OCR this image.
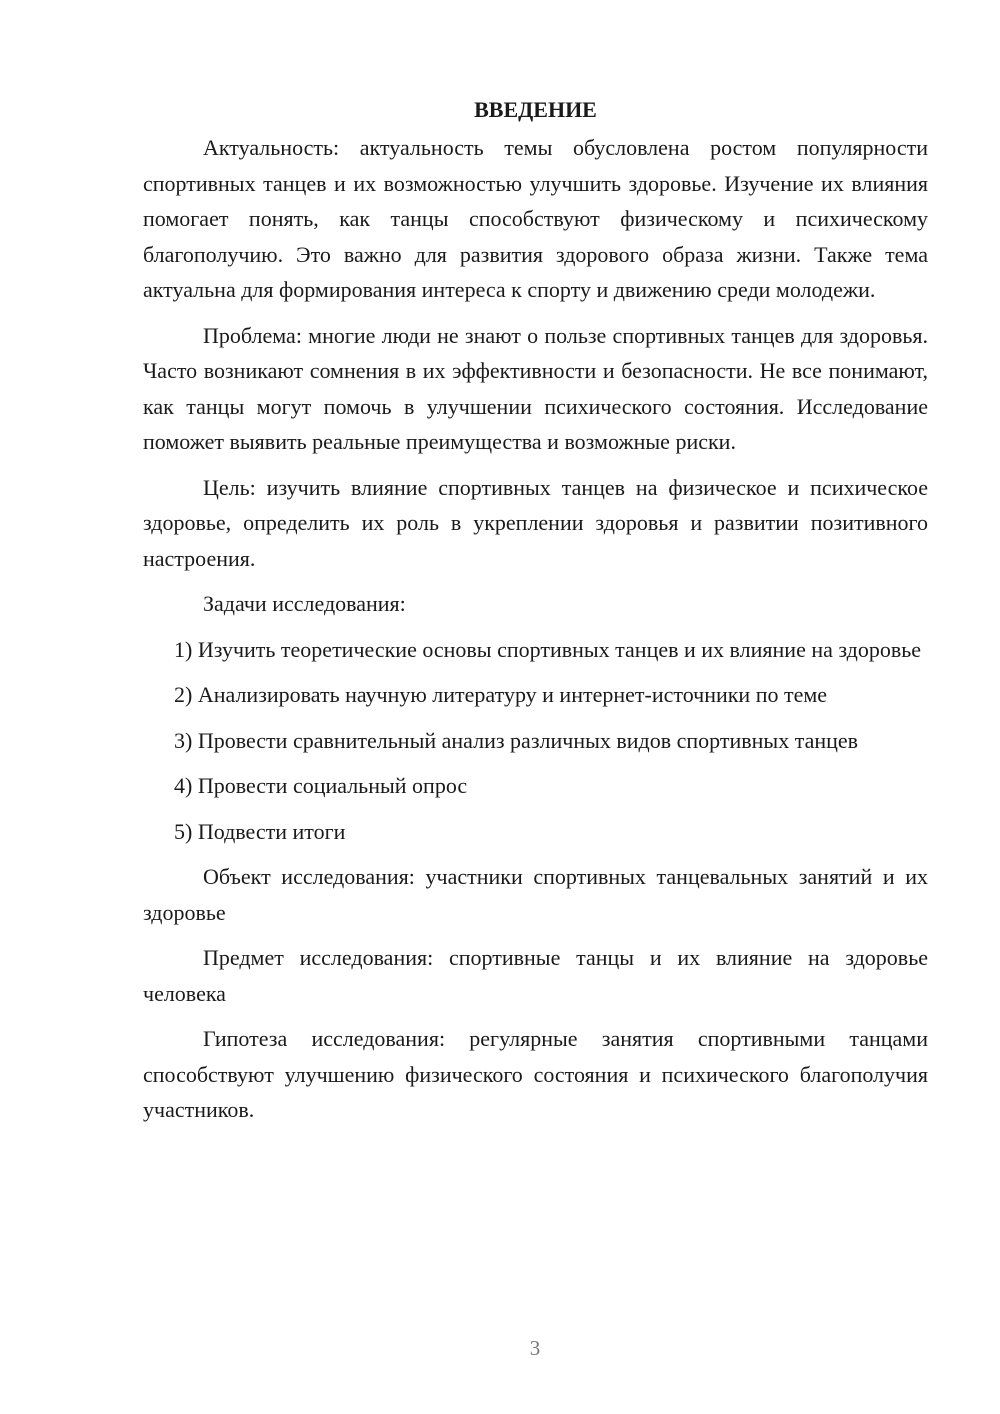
ВВЕДЕНИЕ

Актуальность: актуальность темы обусловлена ростом популярности спортивных танцев и их возможностью улучшить здоровье. Изучение их влияния помогает понять, как танцы способствуют физическому и психическому благополучию. Это важно для развития здорового образа жизни. Также тема актуальна для формирования интереса к спорту и движению среди молодежи.

Проблема: многие люди не знают о пользе спортивных танцев для здоровья. Часто возникают сомнения в их эффективности и безопасности. Не все понимают, как танцы могут помочь в улучшении психического состояния. Исследование поможет выявить реальные преимущества и возможные риски.

Цель: изучить влияние спортивных танцев на физическое и психическое здоровье, определить их роль в укреплении здоровья и развитии позитивного настроения.

Задачи исследования:

1) Изучить теоретические основы спортивных танцев и их влияние на здоровье

2) Анализировать научную литературу и интернет-источники по теме

3) Провести сравнительный анализ различных видов спортивных танцев

4) Провести социальный опрос

5) Подвести итоги

Объект исследования: участники спортивных танцевальных занятий и их здоровье

Предмет исследования: спортивные танцы и их влияние на здоровье человека

Гипотеза исследования: регулярные занятия спортивными танцами способствуют улучшению физического состояния и психического благополучия участников.

3
